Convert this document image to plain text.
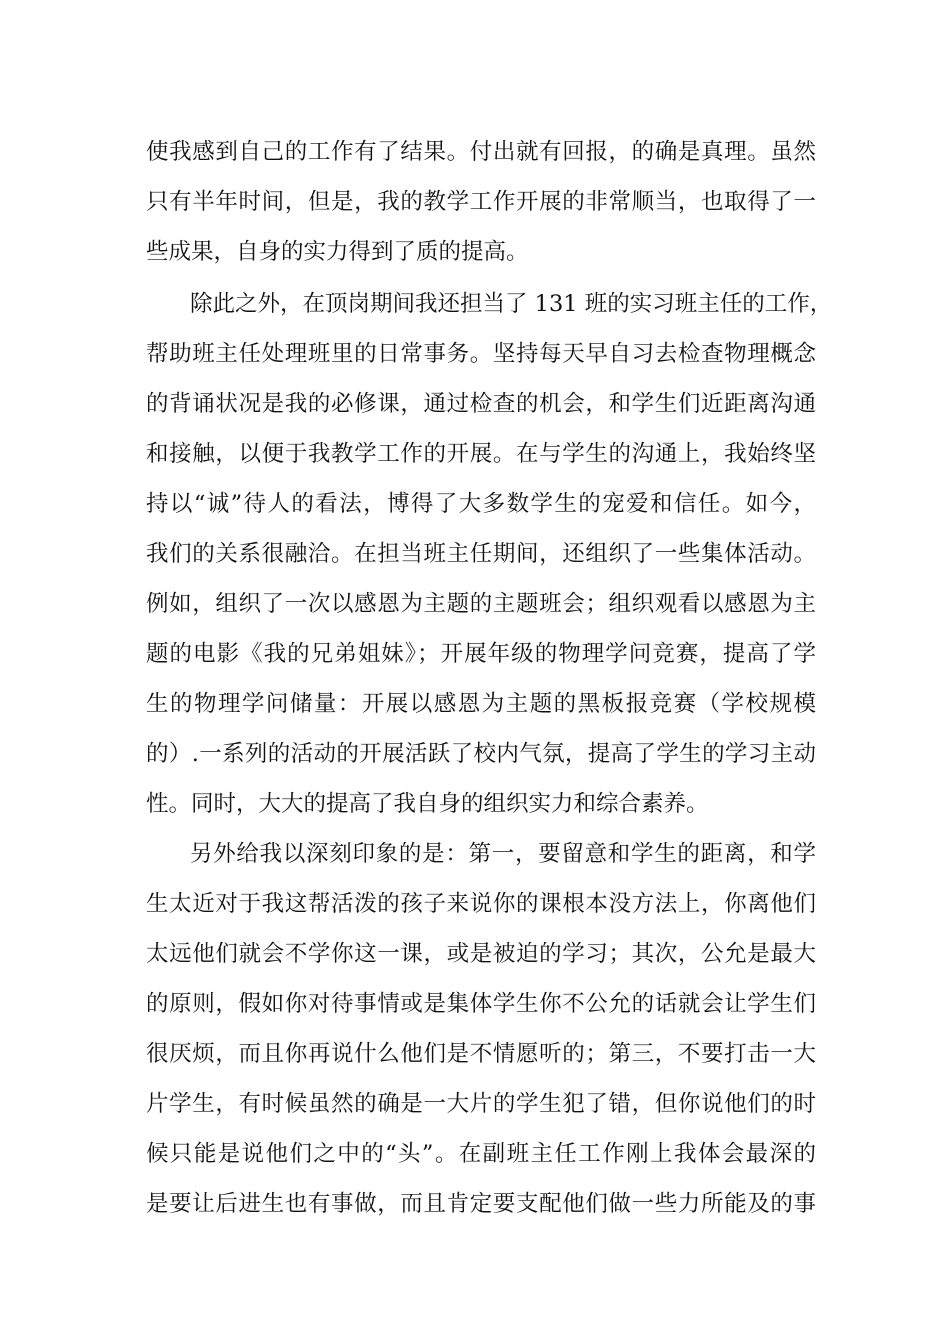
使我感到自己的工作有了结果。付出就有回报，的确是真理。虽然
只有半年时间，但是，我的教学工作开展的非常顺当，也取得了一
些成果，自身的实力得到了质的提高。
除此之外，在顶岗期间我还担当了 131 班的实习班主任的工作，
帮助班主任处理班里的日常事务。坚持每天早自习去检查物理概念
的背诵状况是我的必修课，通过检查的机会，和学生们近距离沟通
和接触，以便于我教学工作的开展。在与学生的沟通上，我始终坚
持以“诚”待人的看法，博得了大多数学生的宠爱和信任。如今，
我们的关系很融洽。在担当班主任期间，还组织了一些集体活动。
例如，组织了一次以感恩为主题的主题班会；组织观看以感恩为主
题的电影《我的兄弟姐妹》；开展年级的物理学问竞赛，提高了学
生的物理学问储量：开展以感恩为主题的黑板报竞赛（学校规模
的）.一系列的活动的开展活跃了校内气氛，提高了学生的学习主动
性。同时，大大的提高了我自身的组织实力和综合素养。
另外给我以深刻印象的是：第一，要留意和学生的距离，和学
生太近对于我这帮活泼的孩子来说你的课根本没方法上，你离他们
太远他们就会不学你这一课，或是被迫的学习；其次，公允是最大
的原则，假如你对待事情或是集体学生你不公允的话就会让学生们
很厌烦，而且你再说什么他们是不情愿听的；第三，不要打击一大
片学生，有时候虽然的确是一大片的学生犯了错，但你说他们的时
候只能是说他们之中的“头”。在副班主任工作刚上我体会最深的
是要让后进生也有事做，而且肯定要支配他们做一些力所能及的事
